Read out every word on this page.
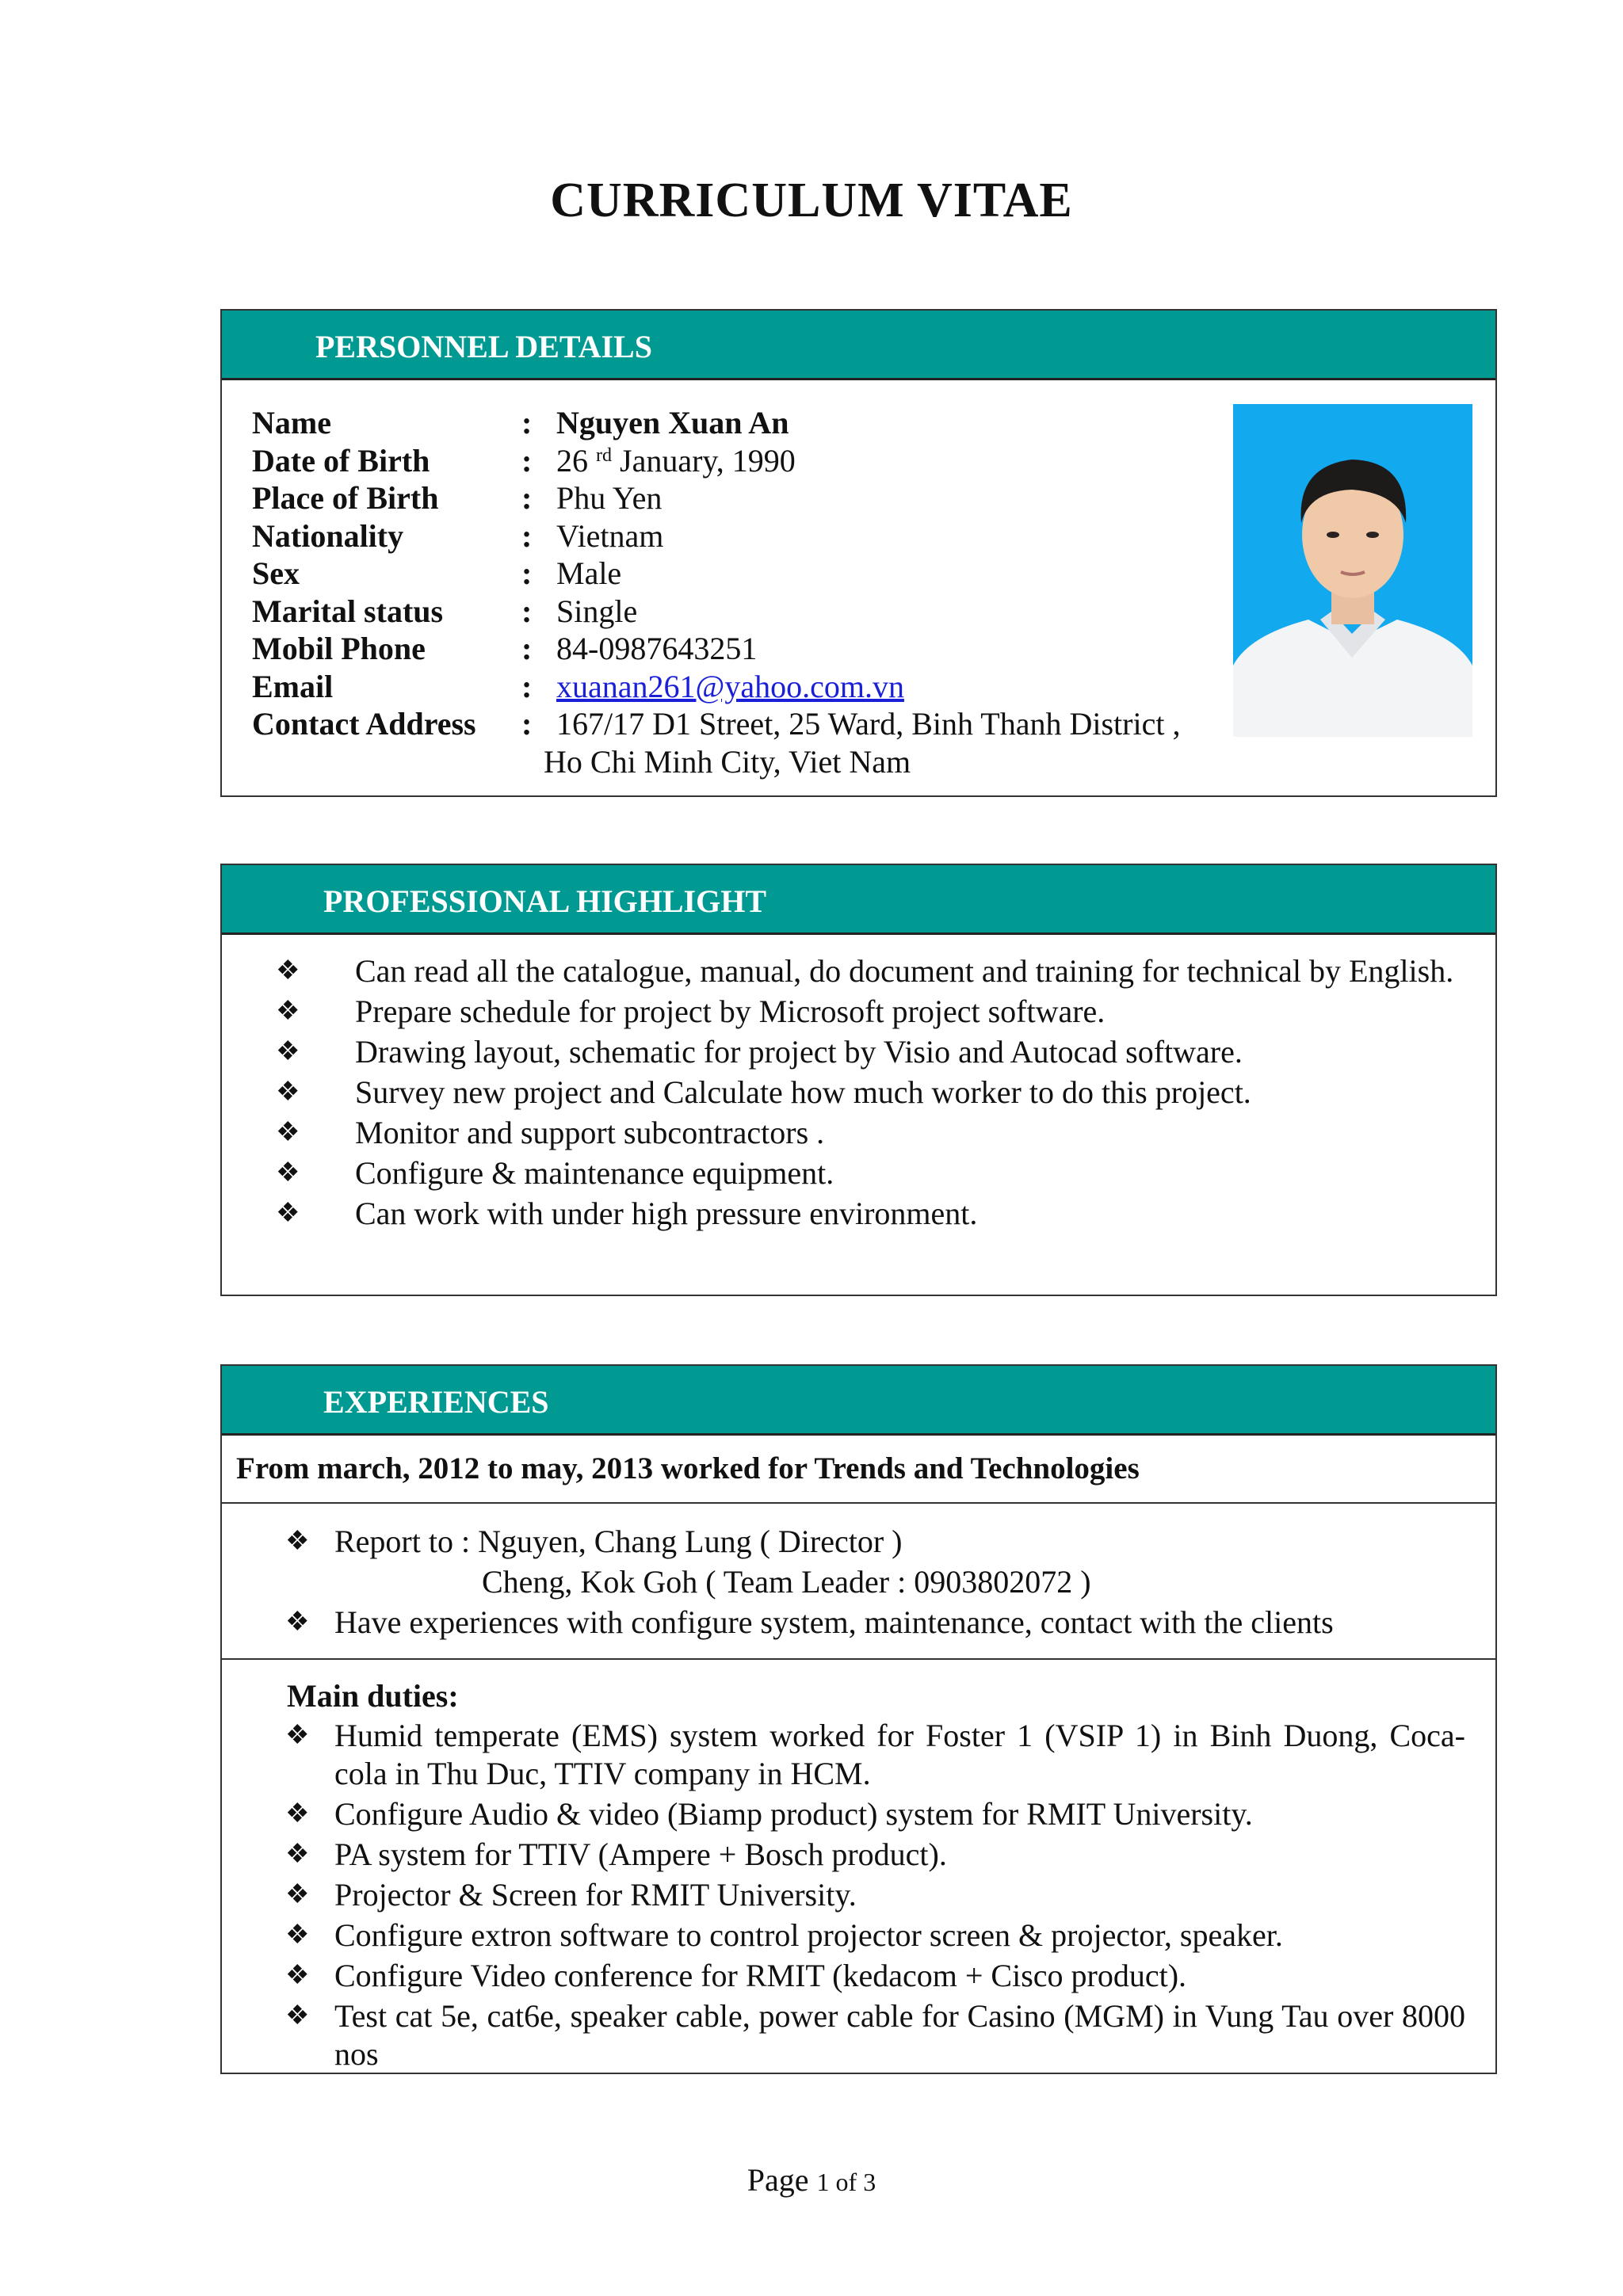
CURRICULUM VITAE
PERSONNEL DETAILS
Name	: Nguyen Xuan An
Date of Birth	: 26 $^{rd}$ January, 1990
Place of Birth	: Phu Yen
Nationality	: Vietnam
Sex	: Male
Marital status	: Single
Mobil Phone	: 84-0987643251
Email	: xuanan261@yahoo.com.vn
Contact Address	: 167/17 D1 Street, 25 Ward, Binh Thanh District ,
Ho Chi Minh City, Viet Nam
PROFESSIONAL HIGHLIGHT
❖ Can read all the catalogue, manual, do document and training for technical by English.
❖ Prepare schedule for project by Microsoft project software.
❖ Drawing layout, schematic for project by Visio and Autocad software.
❖ Survey new project and Calculate how much worker to do this project.
❖ Monitor and support subcontractors .
❖ Configure & maintenance equipment.
❖ Can work with under high pressure environment.
EXPERIENCES
From march, 2012 to may, 2013 worked for Trends and Technologies
❖ Report to : Nguyen, Chang Lung ( Director )
Cheng, Kok Goh ( Team Leader : 0903802072 )
❖ Have experiences with configure system, maintenance, contact with the clients
Main duties:
❖ Humid temperate (EMS) system worked for Foster 1 (VSIP 1) in Binh Duong, Coca-cola in Thu Duc, TTIV company in HCM.
❖ Configure Audio & video (Biamp product) system for RMIT University.
❖ PA system for TTIV (Ampere + Bosch product).
❖ Projector & Screen for RMIT University.
❖ Configure extron software to control projector screen & projector, speaker.
❖ Configure Video conference for RMIT (kedacom + Cisco product).
❖ Test cat 5e, cat6e, speaker cable, power cable for Casino (MGM) in Vung Tau over 8000 nos
Page 1 of 3
